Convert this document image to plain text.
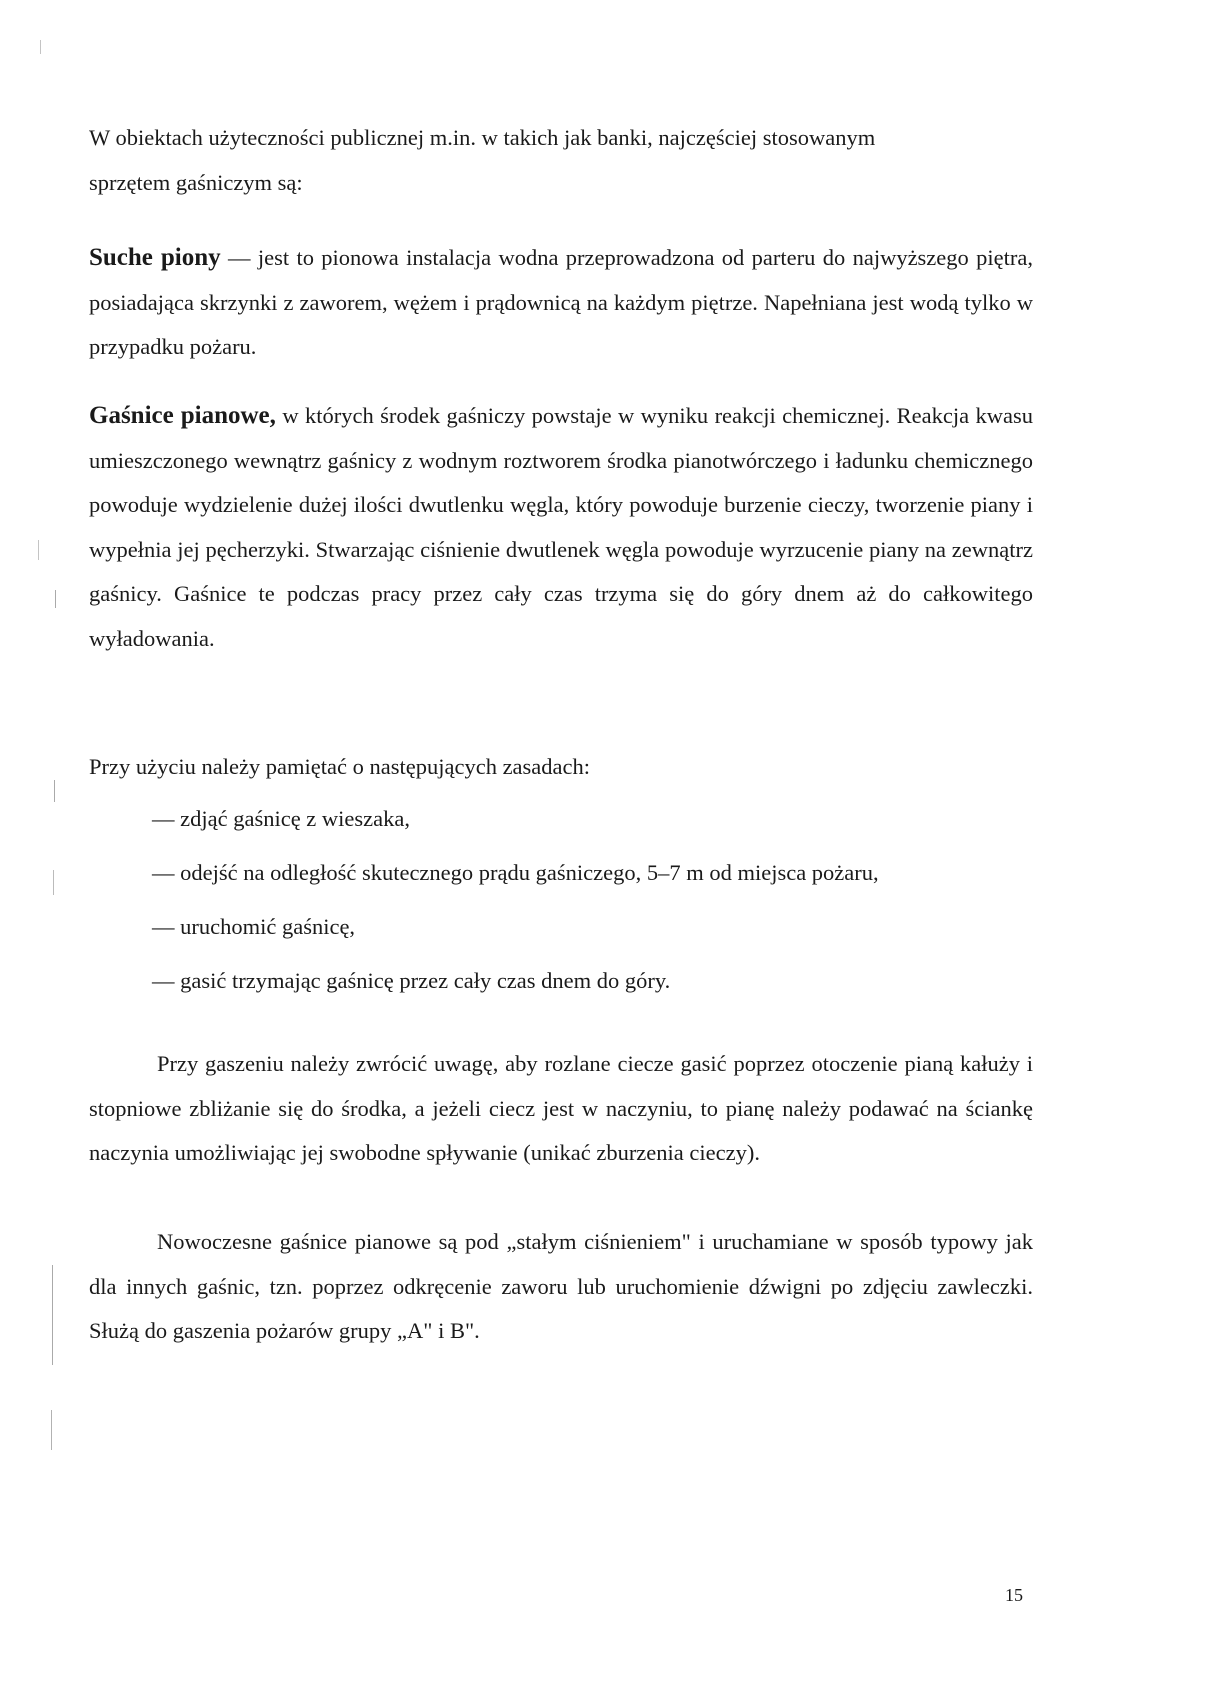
W obiektach użyteczności publicznej m.in. w takich jak banki, najczęściej stosowanym

sprzętem gaśniczym są:

Suche piony — jest to pionowa instalacja wodna przeprowadzona od parteru do najwyższego piętra, posiadająca skrzynki z zaworem, wężem i prądownicą na każdym piętrze. Napełniana jest wodą tylko w przypadku pożaru.

Gaśnice pianowe, w których środek gaśniczy powstaje w wyniku reakcji chemicznej. Reakcja kwasu umieszczonego wewnątrz gaśnicy z wodnym roztworem środka pianotwórczego i ładunku chemicznego powoduje wydzielenie dużej ilości dwutlenku węgla, który powoduje burzenie cieczy, tworzenie piany i wypełnia jej pęcherzyki. Stwarzając ciśnienie dwutlenek węgla powoduje wyrzucenie piany na zewnątrz gaśnicy. Gaśnice te podczas pracy przez cały czas trzyma się do góry dnem aż do całkowitego wyładowania.

Przy użyciu należy pamiętać o następujących zasadach:

— zdjąć gaśnicę z wieszaka,
— odejść na odległość skutecznego prądu gaśniczego, 5–7 m od miejsca pożaru,
— uruchomić gaśnicę,
— gasić trzymając gaśnicę przez cały czas dnem do góry.

Przy gaszeniu należy zwrócić uwagę, aby rozlane ciecze gasić poprzez otoczenie pianą kałuży i stopniowe zbliżanie się do środka, a jeżeli ciecz jest w naczyniu, to pianę należy podawać na ściankę naczynia umożliwiając jej swobodne spływanie (unikać zburzenia cieczy).

Nowoczesne gaśnice pianowe są pod „stałym ciśnieniem" i uruchamiane w sposób typowy jak dla innych gaśnic, tzn. poprzez odkręcenie zaworu lub uruchomienie dźwigni po zdjęciu zawleczki. Służą do gaszenia pożarów grupy „A" i B".

15
